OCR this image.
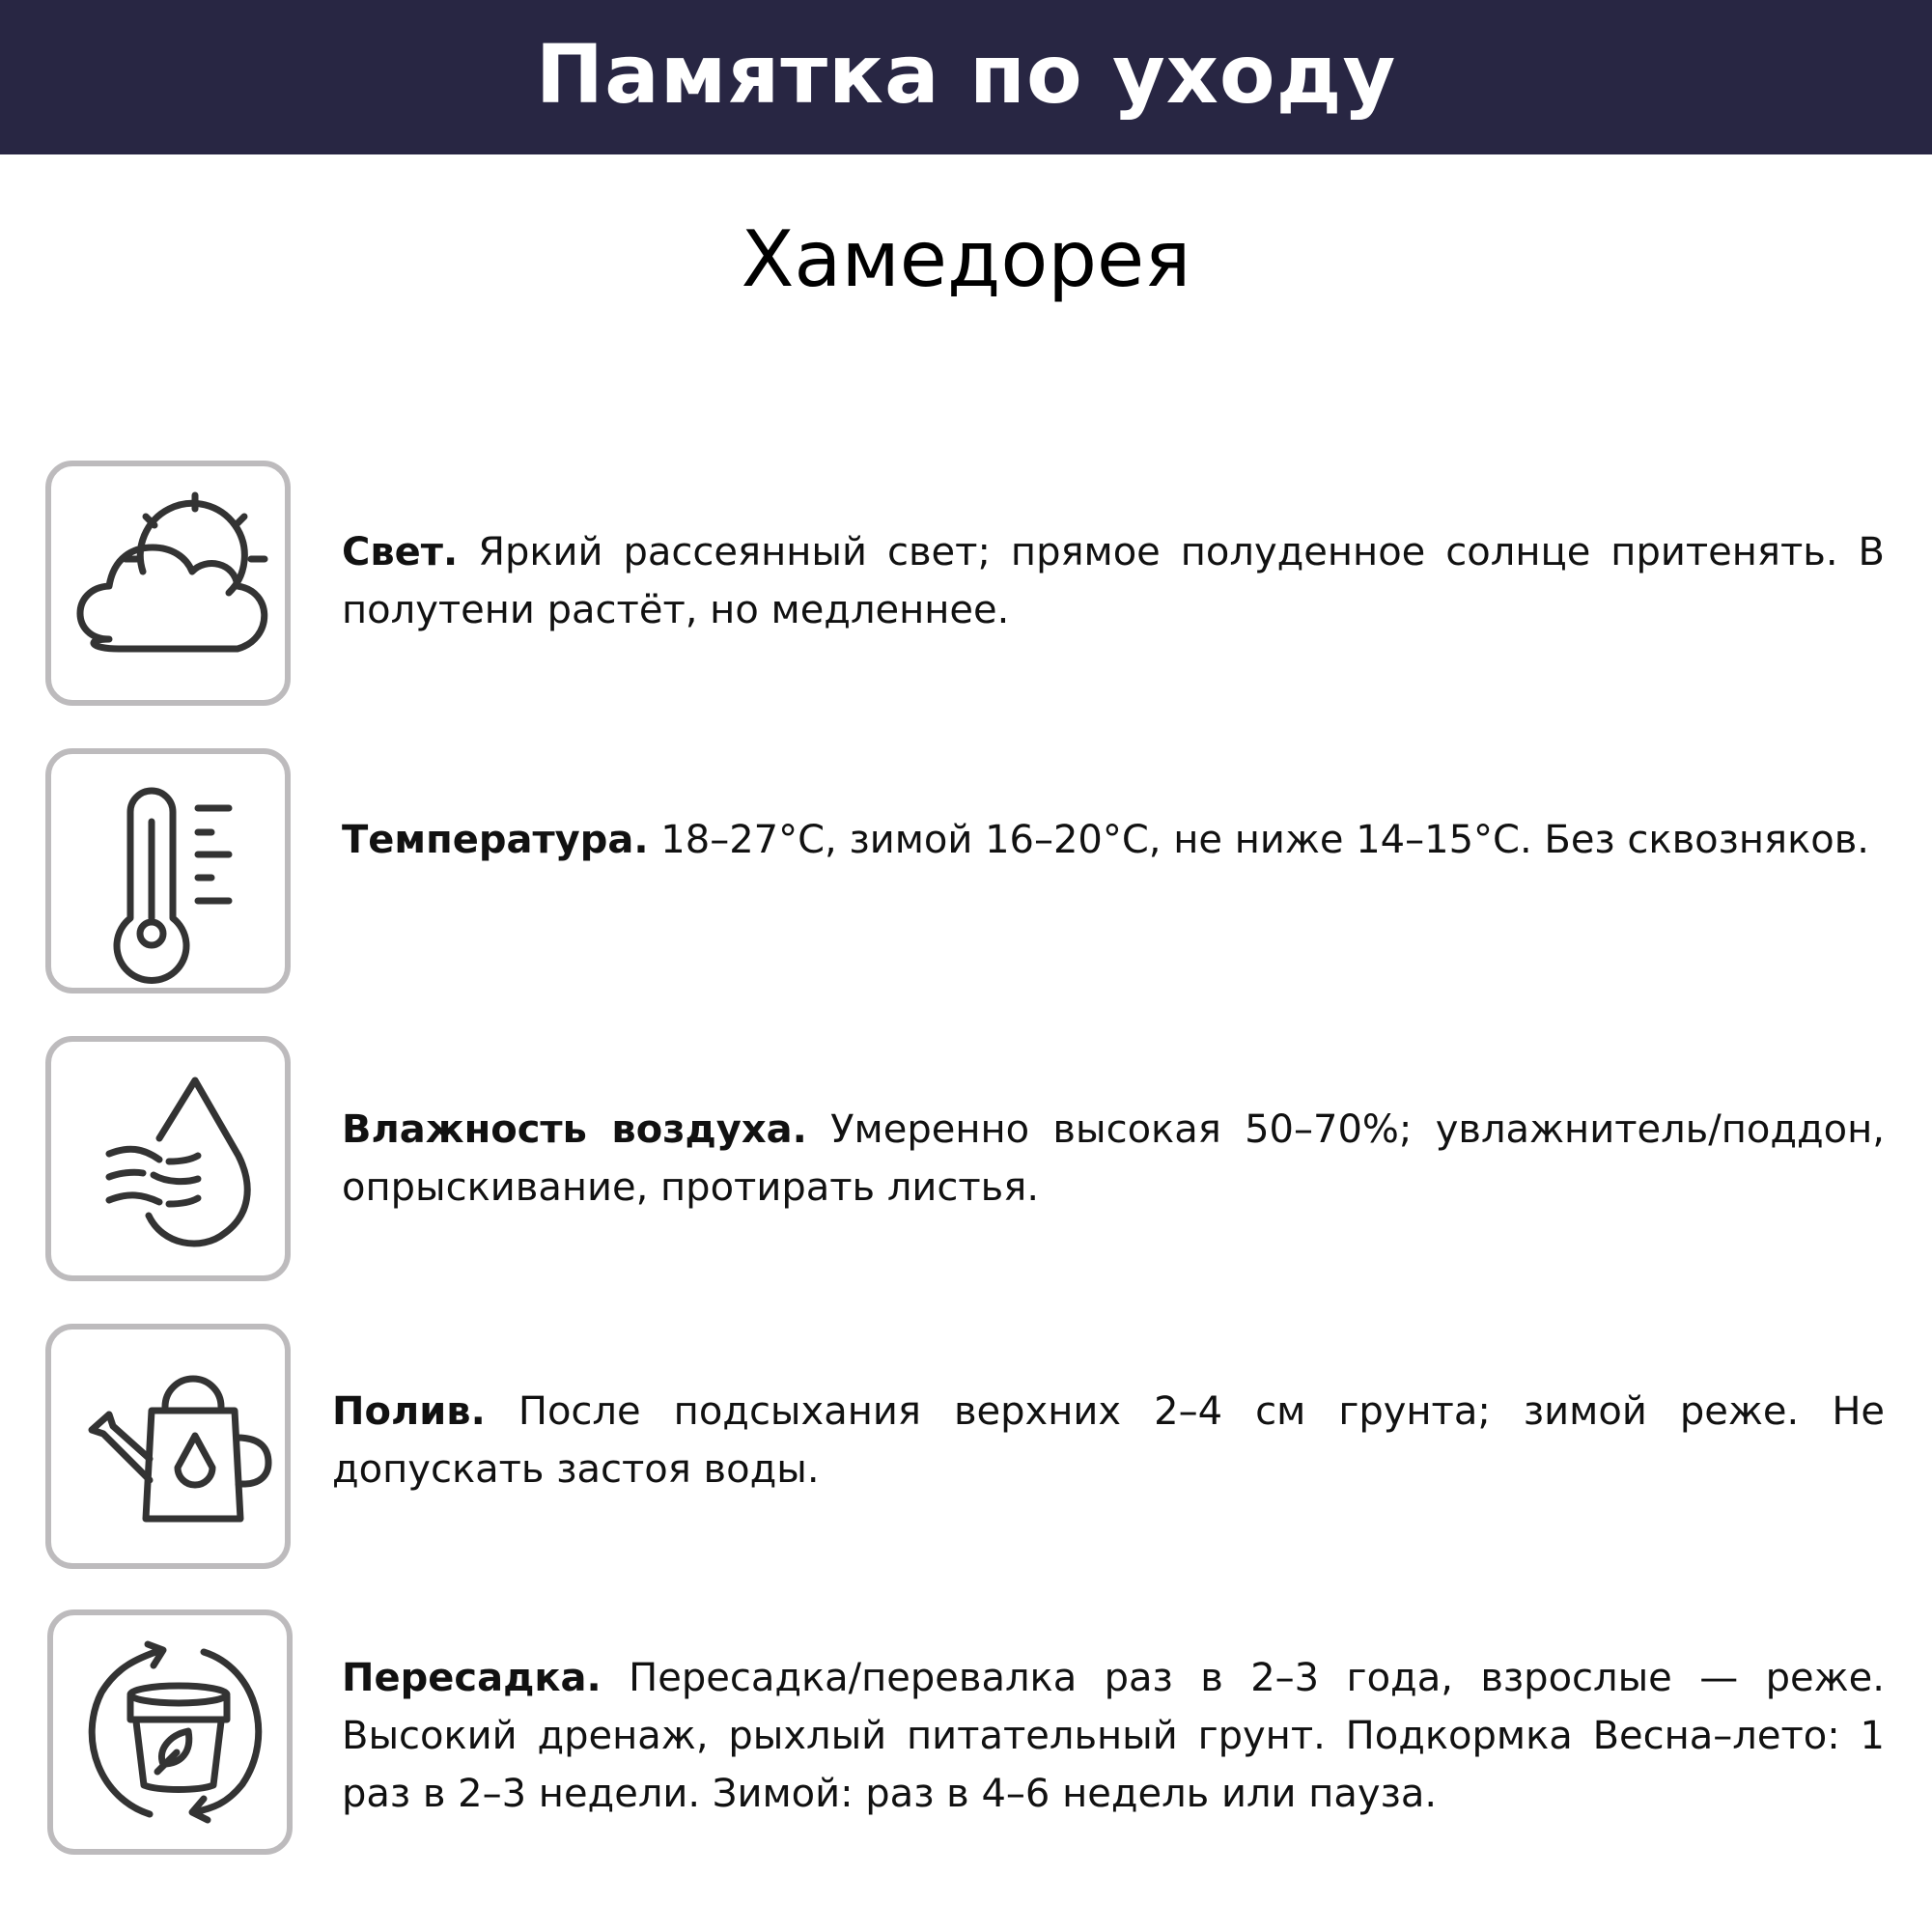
Памятка по уходу
Хамедорея
Свет. Яркий рассеянный свет; прямое полуденное солнце притенять. В полутени растёт, но медленнее.
Температура. 18–27°C, зимой 16–20°C, не ниже 14–15°C. Без сквозняков.
Влажность воздуха. Умеренно высокая 50–70%; увлажнитель/поддон, опрыскивание, протирать листья.
Полив. После подсыхания верхних 2–4 см грунта; зимой реже. Не допускать застоя воды.
Пересадка. Пересадка/перевалка раз в 2–3 года, взрослые — реже. Высокий дренаж, рыхлый питательный грунт. Подкормка Весна–лето: 1 раз в 2–3 недели. Зимой: раз в 4–6 недель или пауза.
